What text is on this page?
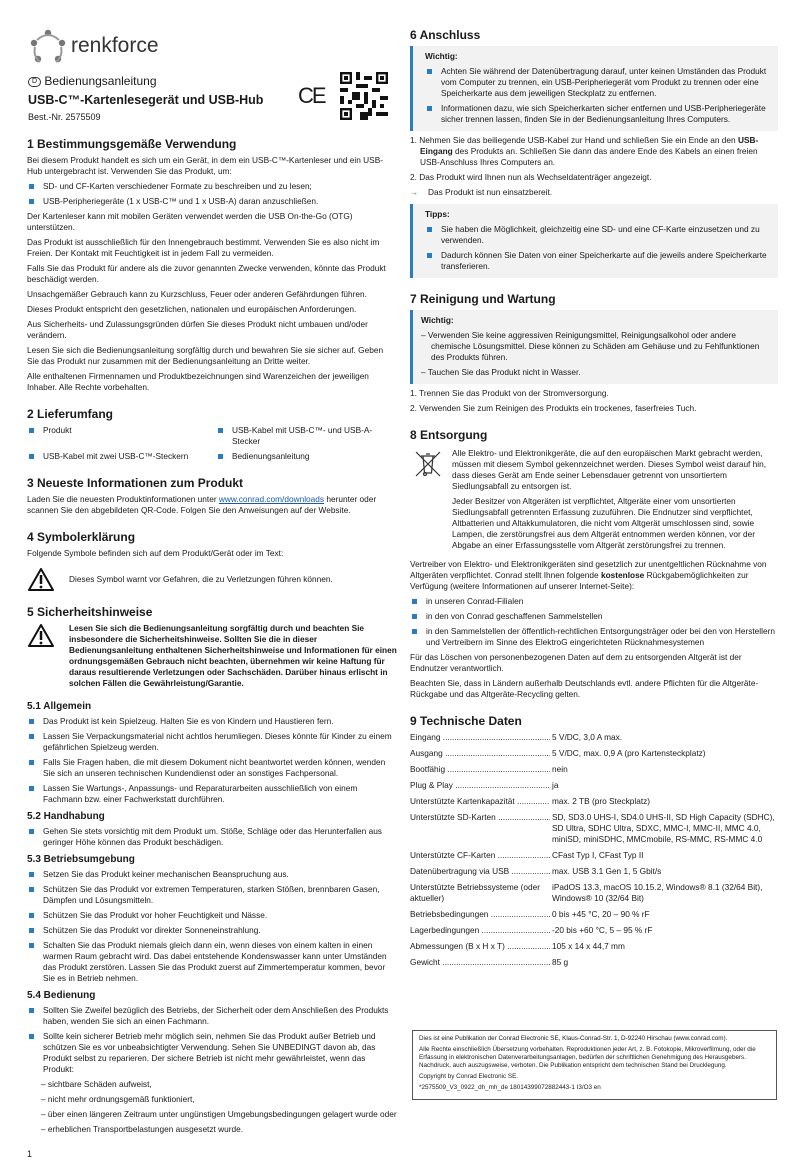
renkforce
D Bedienungsanleitung
USB-C™-Kartenlesegerät und USB-Hub
Best.-Nr. 2575509
CE
1 Bestimmungsgemäße Verwendung

Bei diesem Produkt handelt es sich um ein Gerät, in dem ein USB-C™-Kartenleser und ein USB-Hub untergebracht ist. Verwenden Sie das Produkt, um:

SD- und CF-Karten verschiedener Formate zu beschreiben und zu lesen;
USB-Peripheriegeräte (1 x USB-C™ und 1 x USB-A) daran anzuschließen.

Der Kartenleser kann mit mobilen Geräten verwendet werden die USB On-the-Go (OTG) unterstützen.

Das Produkt ist ausschließlich für den Innengebrauch bestimmt. Verwenden Sie es also nicht im Freien. Der Kontakt mit Feuchtigkeit ist in jedem Fall zu vermeiden.

Falls Sie das Produkt für andere als die zuvor genannten Zwecke verwenden, könnte das Produkt beschädigt werden.

Unsachgemäßer Gebrauch kann zu Kurzschluss, Feuer oder anderen Gefährdungen führen.

Dieses Produkt entspricht den gesetzlichen, nationalen und europäischen Anforderungen.

Aus Sicherheits- und Zulassungsgründen dürfen Sie dieses Produkt nicht umbauen und/oder verändern.

Lesen Sie sich die Bedienungsanleitung sorgfältig durch und bewahren Sie sie sicher auf. Geben Sie das Produkt nur zusammen mit der Bedienungsanleitung an Dritte weiter.

Alle enthaltenen Firmennamen und Produktbezeichnungen sind Warenzeichen der jeweiligen Inhaber. Alle Rechte vorbehalten.

2 Lieferumfang
Produkt	USB-Kabel mit USB-C™- und USB-A-Stecker
USB-Kabel mit zwei USB-C™-Steckern	Bedienungsanleitung
3 Neueste Informationen zum Produkt

Laden Sie die neuesten Produktinformationen unter www.conrad.com/downloads herunter oder scannen Sie den abgebildeten QR-Code. Folgen Sie den Anweisungen auf der Website.

4 Symbolerklärung

Folgende Symbole befinden sich auf dem Produkt/Gerät oder im Text:

Dieses Symbol warnt vor Gefahren, die zu Verletzungen führen können.
5 Sicherheitshinweise

Lesen Sie sich die Bedienungsanleitung sorgfältig durch und beachten Sie insbesondere die Sicherheitshinweise. Sollten Sie die in dieser Bedienungsanleitung enthaltenen Sicherheitshinweise und Informationen für einen ordnungsgemäßen Gebrauch nicht beachten, übernehmen wir keine Haftung für daraus resultierende Verletzungen oder Sachschäden. Darüber hinaus erlischt in solchen Fällen die Gewährleistung/Garantie.

5.1 Allgemein
Das Produkt ist kein Spielzeug. Halten Sie es von Kindern und Haustieren fern.
Lassen Sie Verpackungsmaterial nicht achtlos herumliegen. Dieses könnte für Kinder zu einem gefährlichen Spielzeug werden.
Falls Sie Fragen haben, die mit diesem Dokument nicht beantwortet werden können, wenden Sie sich an unseren technischen Kundendienst oder an sonstiges Fachpersonal.
Lassen Sie Wartungs-, Anpassungs- und Reparaturarbeiten ausschließlich von einem Fachmann bzw. einer Fachwerkstatt durchführen.
5.2 Handhabung
Gehen Sie stets vorsichtig mit dem Produkt um. Stöße, Schläge oder das Herunterfallen aus geringer Höhe können das Produkt beschädigen.
5.3 Betriebsumgebung
Setzen Sie das Produkt keiner mechanischen Beanspruchung aus.
Schützen Sie das Produkt vor extremen Temperaturen, starken Stößen, brennbaren Gasen, Dämpfen und Lösungsmitteln.
Schützen Sie das Produkt vor hoher Feuchtigkeit und Nässe.
Schützen Sie das Produkt vor direkter Sonneneinstrahlung.
Schalten Sie das Produkt niemals gleich dann ein, wenn dieses von einem kalten in einen warmen Raum gebracht wird. Das dabei entstehende Kondenswasser kann unter Umständen das Produkt zerstören. Lassen Sie das Produkt zuerst auf Zimmertemperatur kommen, bevor Sie es in Betrieb nehmen.
5.4 Bedienung
Sollten Sie Zweifel bezüglich des Betriebs, der Sicherheit oder dem Anschließen des Produkts haben, wenden Sie sich an einen Fachmann.
Sollte kein sicherer Betrieb mehr möglich sein, nehmen Sie das Produkt außer Betrieb und schützen Sie es vor unbeabsichtigter Verwendung. Sehen Sie UNBEDINGT davon ab, das Produkt selbst zu reparieren. Der sichere Betrieb ist nicht mehr gewährleistet, wenn das Produkt:
– sichtbare Schäden aufweist,
– nicht mehr ordnungsgemäß funktioniert,
– über einen längeren Zeitraum unter ungünstigen Umgebungsbedingungen gelagert wurde oder
– erheblichen Transportbelastungen ausgesetzt wurde.
1
6 Anschluss
Wichtig:
Achten Sie während der Datenübertragung darauf, unter keinen Umständen das Produkt vom Computer zu trennen, ein USB-Peripheriegerät vom Produkt zu trennen oder eine Speicherkarte aus dem jeweiligen Steckplatz zu entfernen.
Informationen dazu, wie sich Speicherkarten sicher entfernen und USB-Peripheriegeräte sicher trennen lassen, finden Sie in der Bedienungsanleitung Ihres Computers.
1. Nehmen Sie das beiliegende USB-Kabel zur Hand und schließen Sie ein Ende an den USB-Eingang des Produkts an. Schließen Sie dann das andere Ende des Kabels an einen freien USB-Anschluss Ihres Computers an.
2. Das Produkt wird Ihnen nun als Wechseldatenträger angezeigt.

→	Das Produkt ist nun einsatzbereit.

Tipps:
Sie haben die Möglichkeit, gleichzeitig eine SD- und eine CF-Karte einzusetzen und zu verwenden.
Dadurch können Sie Daten von einer Speicherkarte auf die jeweils andere Speicherkarte transferieren.
7 Reinigung und Wartung
Wichtig:
– Verwenden Sie keine aggressiven Reinigungsmittel, Reinigungsalkohol oder andere chemische Lösungsmittel. Diese können zu Schäden am Gehäuse und zu Fehlfunktionen des Produkts führen.
– Tauchen Sie das Produkt nicht in Wasser.
1. Trennen Sie das Produkt von der Stromversorgung.
2. Verwenden Sie zum Reinigen des Produkts ein trockenes, faserfreies Tuch.
8 Entsorgung

Alle Elektro- und Elektronikgeräte, die auf den europäischen Markt gebracht werden, müssen mit diesem Symbol gekennzeichnet werden. Dieses Symbol weist darauf hin, dass dieses Gerät am Ende seiner Lebensdauer getrennt von unsortiertem Siedlungsabfall zu entsorgen ist.

Jeder Besitzer von Altgeräten ist verpflichtet, Altgeräte einer vom unsortierten Siedlungsabfall getrennten Erfassung zuzuführen. Die Endnutzer sind verpflichtet, Altbatterien und Altakkumulatoren, die nicht vom Altgerät umschlossen sind, sowie Lampen, die zerstörungsfrei aus dem Altgerät entnommen werden können, vor der Abgabe an einer Erfassungsstelle vom Altgerät zerstörungsfrei zu trennen.

Vertreiber von Elektro- und Elektronikgeräten sind gesetzlich zur unentgeltlichen Rücknahme von Altgeräten verpflichtet. Conrad stellt Ihnen folgende kostenlose Rückgabemöglichkeiten zur Verfügung (weitere Informationen auf unserer Internet-Seite):

in unseren Conrad-Filialen
in den von Conrad geschaffenen Sammelstellen
in den Sammelstellen der öffentlich-rechtlichen Entsorgungsträger oder bei den von Herstellern und Vertreibern im Sinne des ElektroG eingerichteten Rücknahmesystemen

Für das Löschen von personenbezogenen Daten auf dem zu entsorgenden Altgerät ist der Endnutzer verantwortlich.

Beachten Sie, dass in Ländern außerhalb Deutschlands evtl. andere Pflichten für die Altgeräte-Rückgabe und das Altgeräte-Recycling gelten.

9 Technische Daten
Eingang .....	5 V/DC, 3,0 A max.
Ausgang .....	5 V/DC, max. 0,9 A (pro Kartensteckplatz)
Bootfähig .....	nein
Plug & Play .....	ja
Unterstützte Kartenkapazität .....	max. 2 TB (pro Steckplatz)
Unterstützte SD-Karten .....	SD, SD3.0 UHS-I, SD4.0 UHS-II, SD High Capacity (SDHC), SD Ultra, SDHC Ultra, SDXC, MMC-I, MMC-II, MMC 4.0, miniSD, miniSDHC, MMCmobile, RS-MMC, RS-MMC 4.0
Unterstützte CF-Karten .....	CFast Typ I, CFast Typ II
Datenübertragung via USB .....	max. USB 3.1 Gen 1, 5 Gbit/s
Unterstützte Betriebssysteme (oder aktueller) .....
iPadOS 13.3, macOS 10.15.2, Windows® 8.1 (32/64 Bit), Windows® 10 (32/64 Bit)
Betriebsbedingungen .....	0 bis +45 °C, 20 – 90 % rF
Lagerbedingungen .....	-20 bis +60 °C, 5 – 95 % rF
Abmessungen (B x H x T) .....	105 x 14 x 44,7 mm
Gewicht .....	85 g

Dies ist eine Publikation der Conrad Electronic SE, Klaus-Conrad-Str. 1, D-92240 Hirschau (www.conrad.com).

Alle Rechte einschließlich Übersetzung vorbehalten. Reproduktionen jeder Art, z. B. Fotokopie, Mikroverfilmung, oder die Erfassung in elektronischen Datenverarbeitungsanlagen, bedürfen der schriftlichen Genehmigung des Herausgebers. Nachdruck, auch auszugsweise, verboten. Die Publikation entspricht dem technischen Stand bei Drucklegung.

Copyright by Conrad Electronic SE.

*2575509_V3_0922_dh_mh_de 18014399072882443-1 I3/O3 en
